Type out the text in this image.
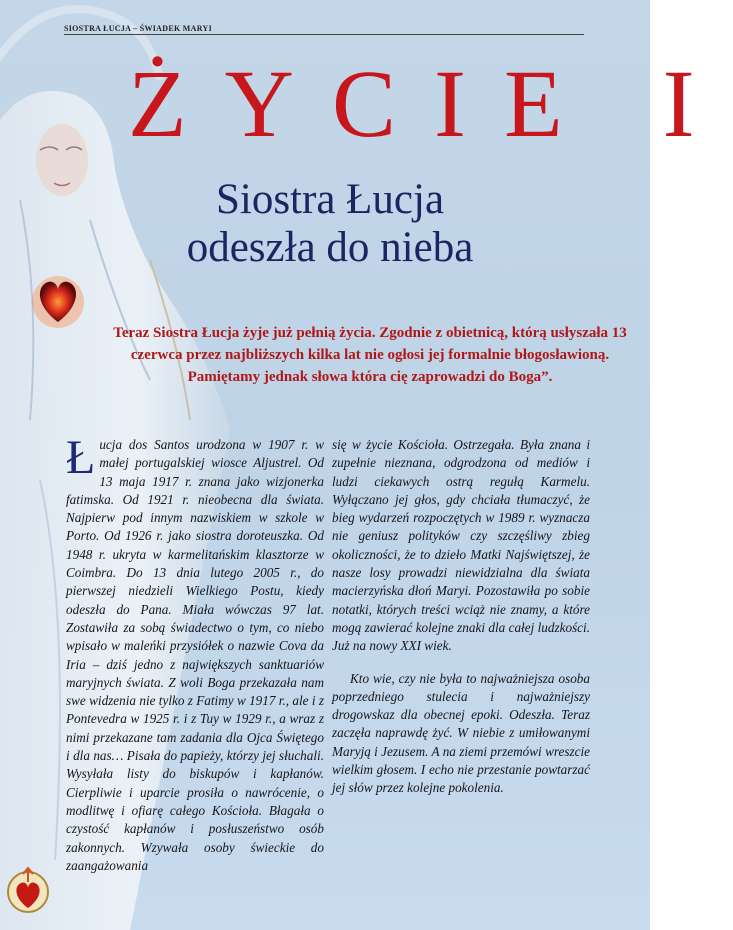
SIOSTRA ŁUCJA – ŚWIADEK MARYI
ŻYCIE I
Siostra Łucja
odeszła do nieba

Teraz Siostra Łucja żyje już pełnią życia. Zgodnie z obietnicą, którą usłyszała 13 czerwca przez najbliższych kilka lat nie ogłosi jej formalnie błogosławioną. Pamiętamy jednak słowa która cię zaprowadzi do Boga”.

Łucja dos Santos urodzona w 1907 r. w małej portugalskiej wiosce Aljustrel. Od 13 maja 1917 r. znana jako wizjonerka fatimska. Od 1921 r. nieobecna dla świata. Najpierw pod innym nazwiskiem w szkole w Porto. Od 1926 r. jako siostra doroteuszka. Od 1948 r. ukryta w karmelitańskim klasztorze w Coimbra. Do 13 dnia lutego 2005 r., do pierwszej niedzieli Wielkiego Postu, kiedy odeszła do Pana. Miała wówczas 97 lat. Zostawiła za sobą świadectwo o tym, co niebo wpisało w maleńki przysiółek o nazwie Cova da Iria – dziś jedno z największych sanktuariów maryjnych świata. Z woli Boga przekazała nam swe widzenia nie tylko z Fatimy w 1917 r., ale i z Pontevedra w 1925 r. i z Tuy w 1929 r., a wraz z nimi przekazane tam zadania dla Ojca Świętego i dla nas… Pisała do papieży, którzy jej słuchali. Wysyłała listy do biskupów i kapłanów. Cierpliwie i uparcie prosiła o nawrócenie, o modlitwę i ofiarę całego Kościoła. Błagała o czystość kapłanów i posłuszeństwo osób zakonnych. Wzywała osoby świeckie do zaangażowania

się w życie Kościoła. Ostrzegała. Była znana i zupełnie nieznana, odgrodzona od mediów i ludzi ciekawych ostrą regułą Karmelu. Wyłączano jej głos, gdy chciała tłumaczyć, że bieg wydarzeń rozpoczętych w 1989 r. wyznacza nie geniusz polityków czy szczęśliwy zbieg okoliczności, że to dzieło Matki Najświętszej, że nasze losy prowadzi niewidzialna dla świata macierzyńska dłoń Maryi. Pozostawiła po sobie notatki, których treści wciąż nie znamy, a które mogą zawierać kolejne znaki dla całej ludzkości. Już na nowy XXI wiek.

Kto wie, czy nie była to najważniejsza osoba poprzedniego stulecia i najważniejszy drogowskaz dla obecnej epoki. Odeszła. Teraz zaczęła naprawdę żyć. W niebie z umiłowanymi Maryją i Jezusem. A na ziemi przemówi wreszcie wielkim głosem. I echo nie przestanie powtarzać jej słów przez kolejne pokolenia.
